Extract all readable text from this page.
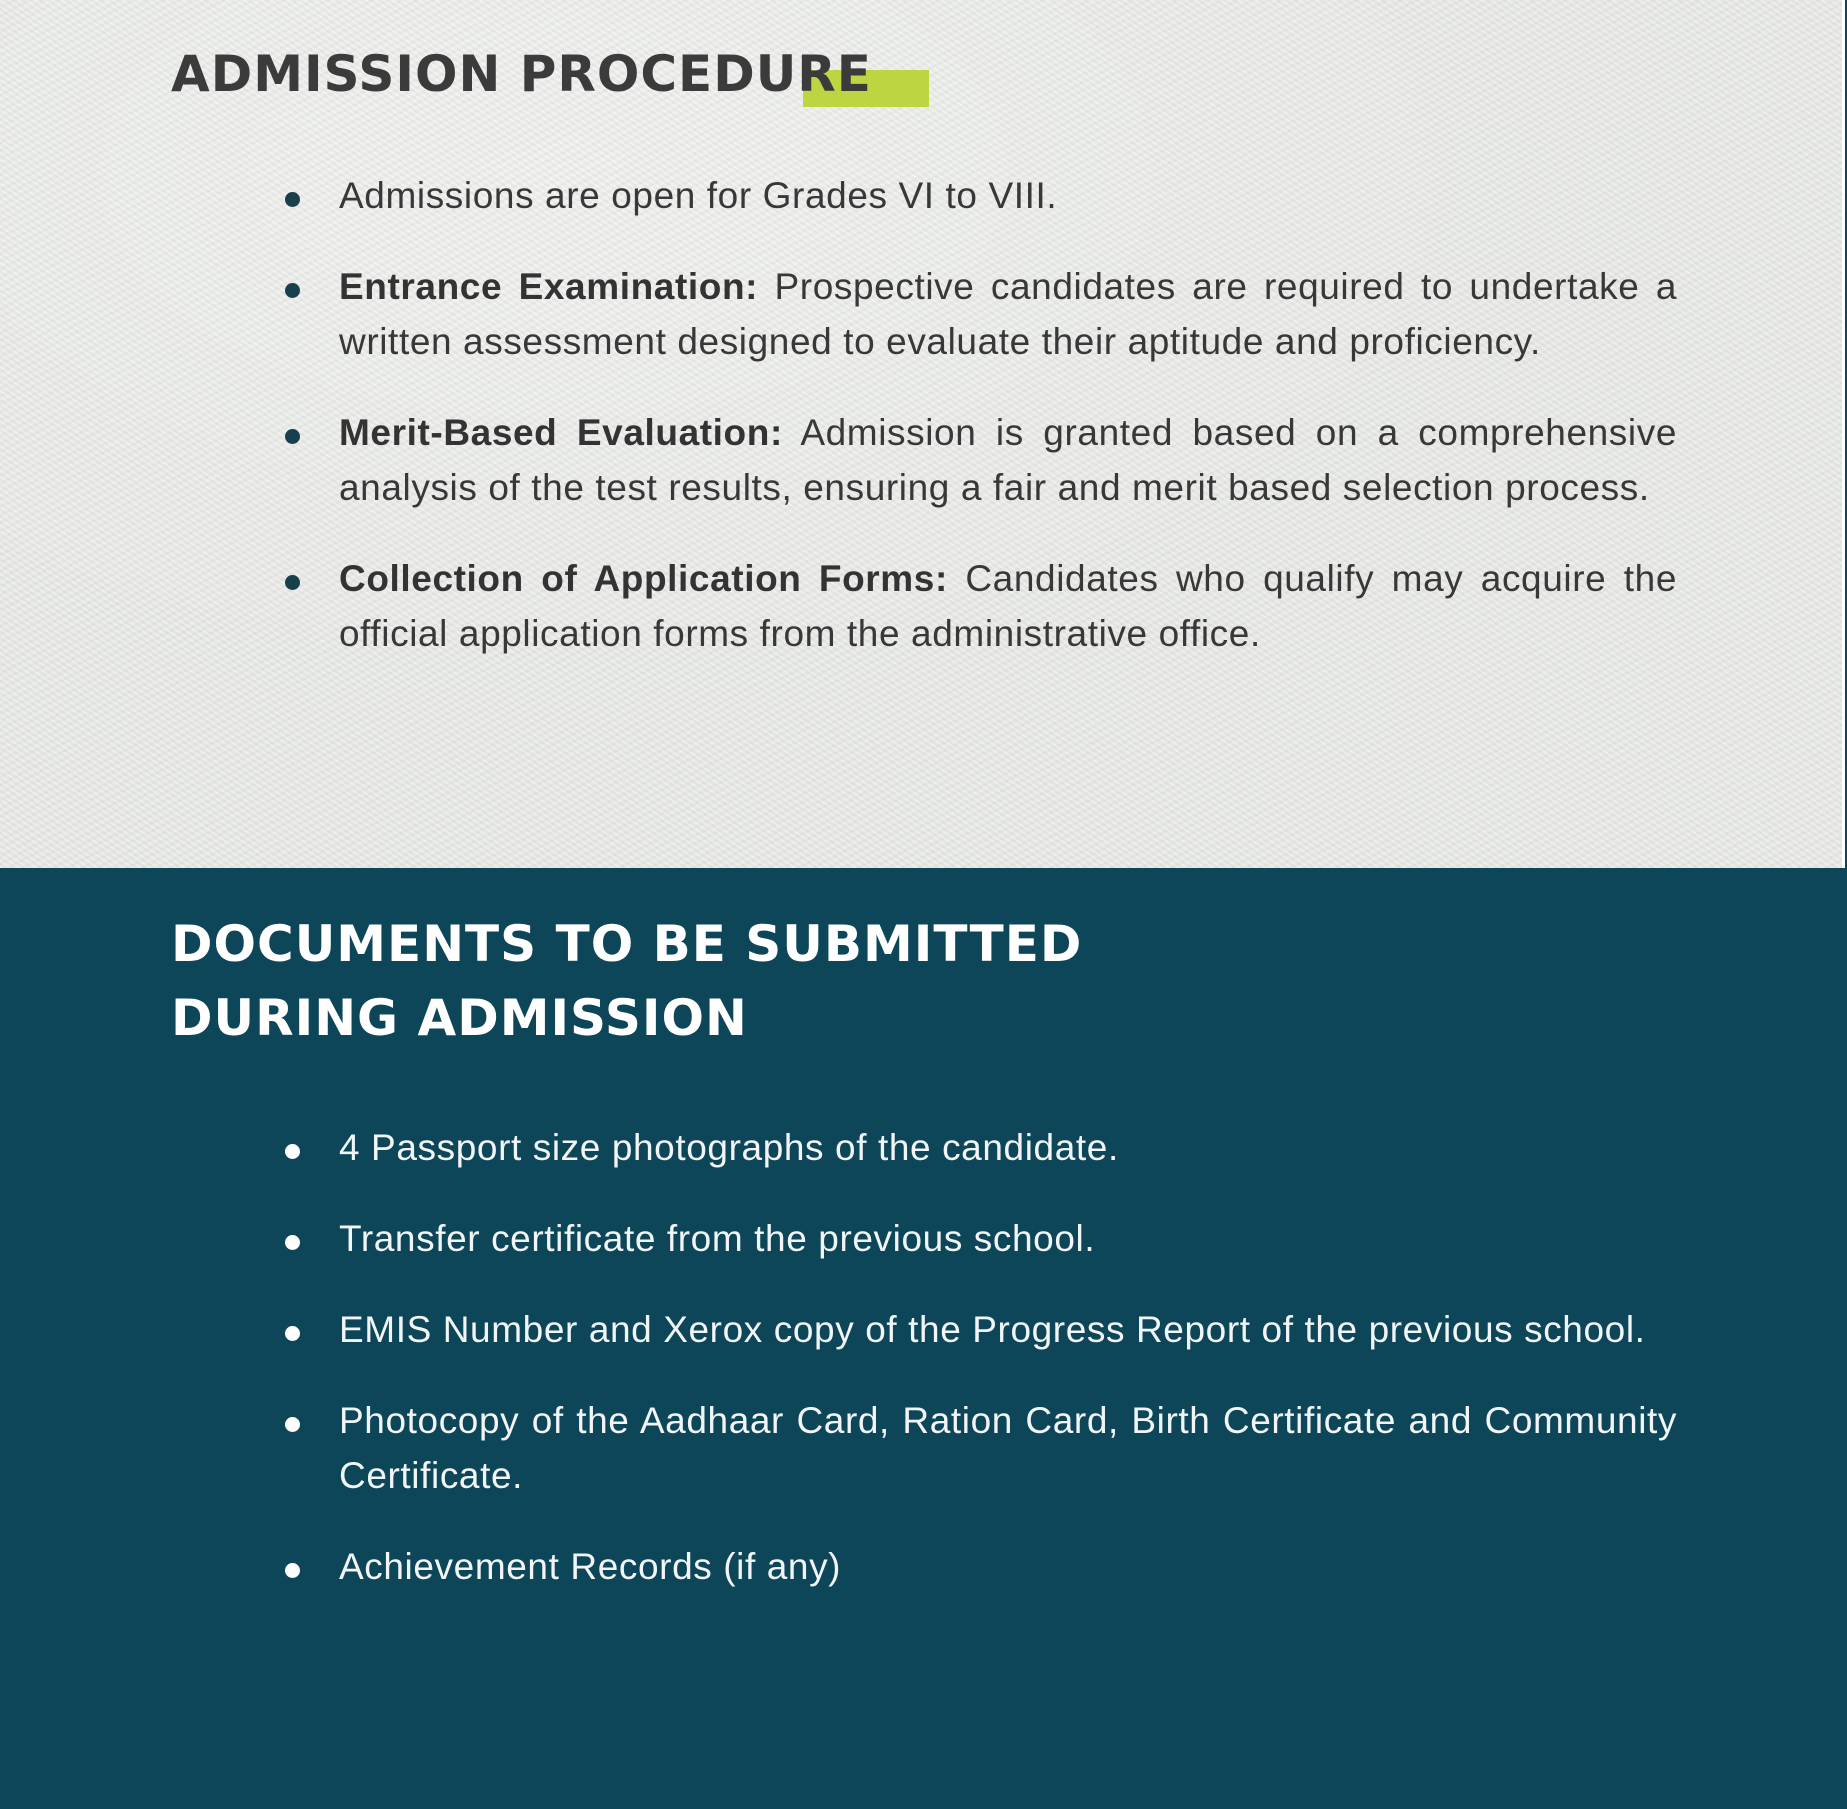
ADMISSION PROCEDURE
Admissions are open for Grades VI to VIII.
Entrance Examination: Prospective candidates are required to undertake a written assessment designed to evaluate their aptitude and proficiency.
Merit-Based Evaluation: Admission is granted based on a comprehensive analysis of the test results, ensuring a fair and merit based selection process.
Collection of Application Forms: Candidates who qualify may acquire the official application forms from the administrative office.
DOCUMENTS TO BE SUBMITTED
DURING ADMISSION
4 Passport size photographs of the candidate.
Transfer certificate from the previous school.
EMIS Number and Xerox copy of the Progress Report of the previous school.
Photocopy of the Aadhaar Card, Ration Card, Birth Certificate and Community Certificate.
Achievement Records (if any)
